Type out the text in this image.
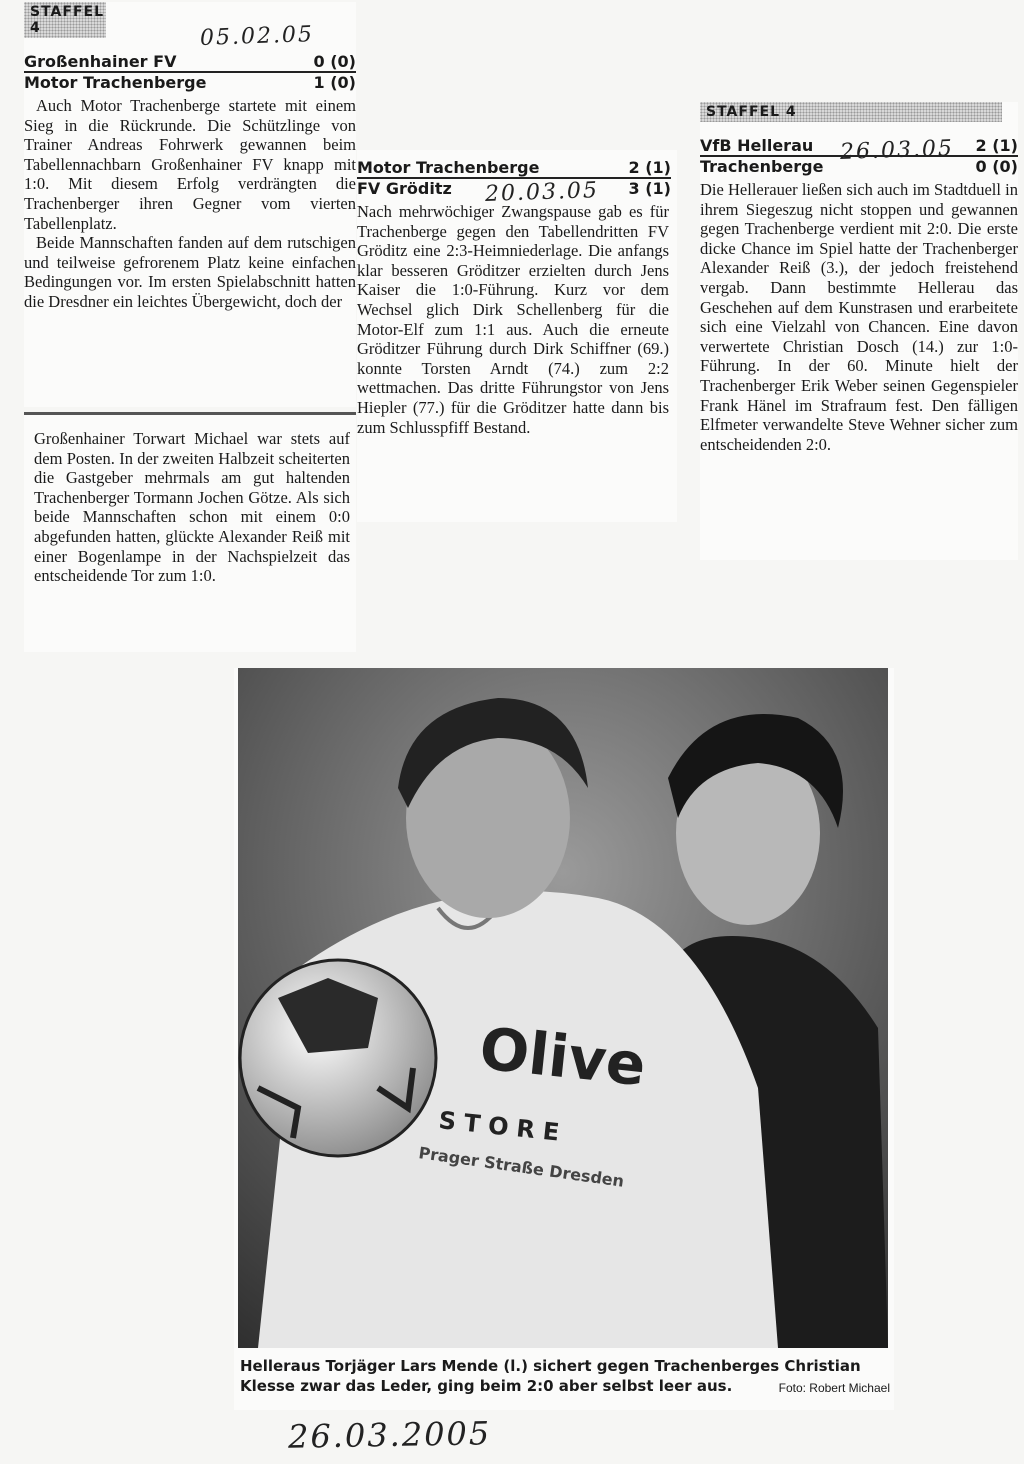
STAFFEL 4	05.02.05
Großenhainer FV	0 (0)
Motor Trachenberge	1 (0)

Auch Motor Trachenberge startete mit einem Sieg in die Rückrunde. Die Schützlinge von Trainer Andreas Fohrwerk gewannen beim Tabellennachbarn Großenhainer FV knapp mit 1:0. Mit diesem Erfolg verdrängten die Trachenberger ihren Gegner vom vierten Tabellenplatz.

Beide Mannschaften fanden auf dem rutschigen und teilweise gefrorenem Platz keine einfachen Bedingungen vor. Im ersten Spielabschnitt hatten die Dresdner ein leichtes Übergewicht, doch der

Großenhainer Torwart Michael war stets auf dem Posten. In der zweiten Halbzeit scheiterten die Gastgeber mehrmals am gut haltenden Trachenberger Tormann Jochen Götze. Als sich beide Mannschaften schon mit einem 0:0 abgefunden hatten, glückte Alexander Reiß mit einer Bogenlampe in der Nachspielzeit das entscheidende Tor zum 1:0.

20.03.05
Motor Trachenberge	2 (1)
FV Gröditz	3 (1)

Nach mehrwöchiger Zwangspause gab es für Trachenberge gegen den Tabellendritten FV Gröditz eine 2:3-Heimniederlage. Die anfangs klar besseren Gröditzer erzielten durch Jens Kaiser die 1:0-Führung. Kurz vor dem Wechsel glich Dirk Schellenberg für die Motor-Elf zum 1:1 aus. Auch die erneute Gröditzer Führung durch Dirk Schiffner (69.) konnte Torsten Arndt (74.) zum 2:2 wettmachen. Das dritte Führungstor von Jens Hiepler (77.) für die Gröditzer hatte dann bis zum Schlusspfiff Bestand.

STAFFEL 4
26.03.05
VfB Hellerau	2 (1)
Trachenberge	0 (0)

Die Hellerauer ließen sich auch im Stadtduell in ihrem Siegeszug nicht stoppen und gewannen gegen Trachenberge verdient mit 2:0. Die erste dicke Chance im Spiel hatte der Trachenberger Alexander Reiß (3.), der jedoch freistehend vergab. Dann bestimmte Hellerau das Geschehen auf dem Kunstrasen und erarbeitete sich eine Vielzahl von Chancen. Eine davon verwertete Christian Dosch (14.) zur 1:0-Führung. In der 60. Minute hielt der Trachenberger Erik Weber seinen Gegenspieler Frank Hänel im Strafraum fest. Den fälligen Elfmeter verwandelte Steve Wehner sicher zum entscheidenden 2:0.

Olive
STORE
Prager Straße Dresden
Helleraus Torjäger Lars Mende (l.) sichert gegen Trachenberges Christian Klesse zwar das Leder, ging beim 2:0 aber selbst leer aus.	Foto: Robert Michael
26.03.2005
